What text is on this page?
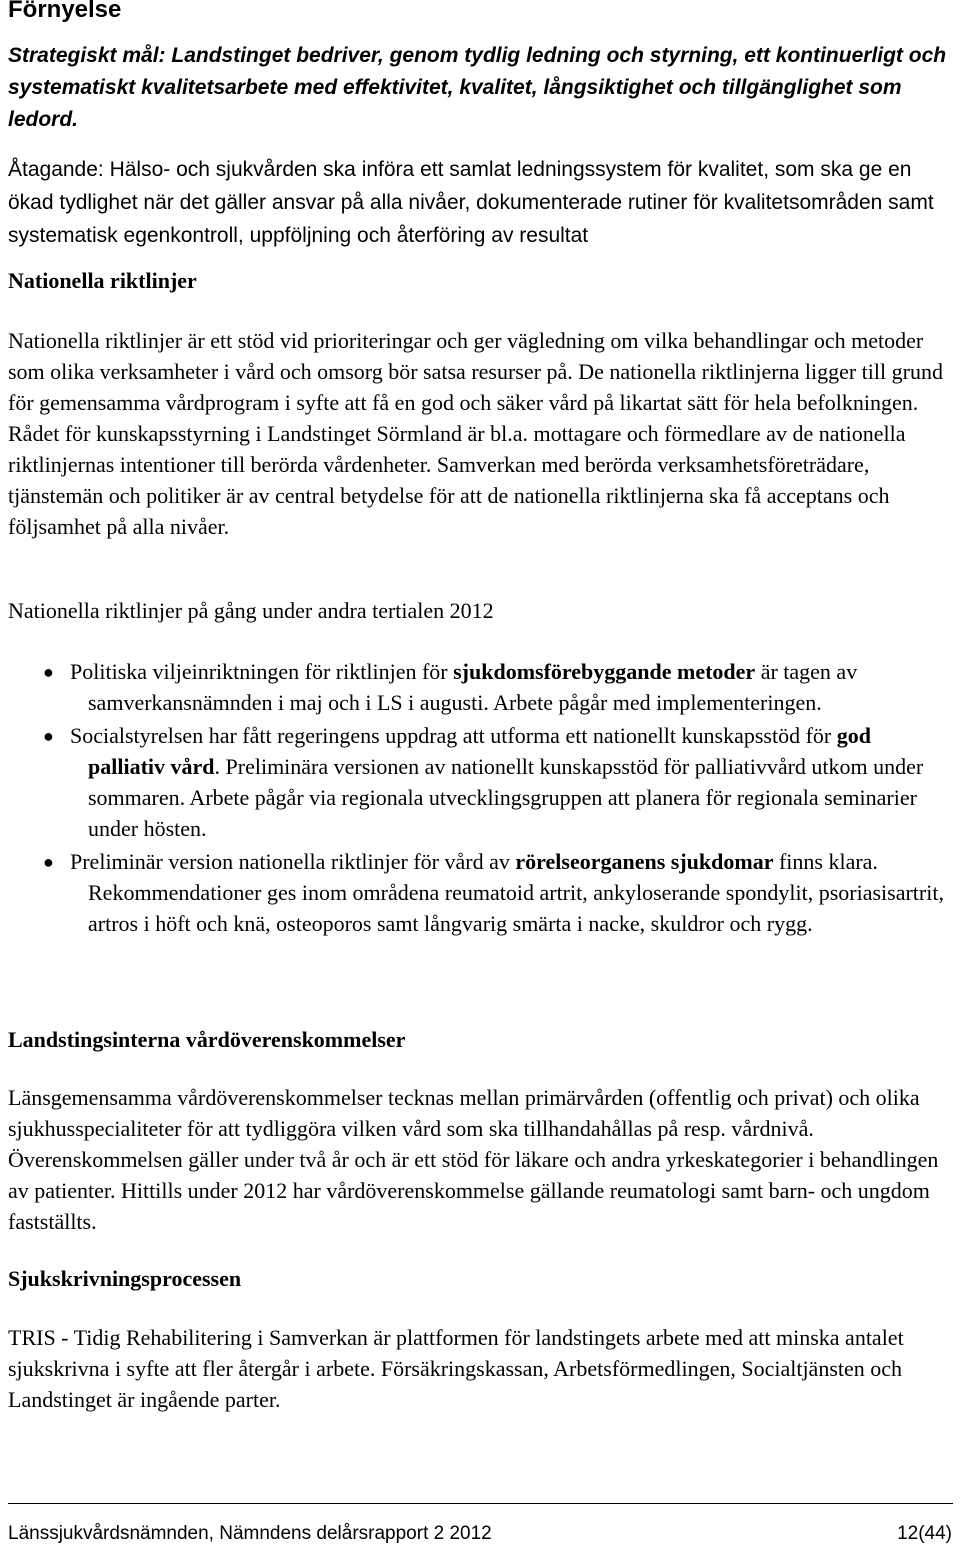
Förnyelse

Strategiskt mål: Landstinget bedriver, genom tydlig ledning och styrning, ett kontinuerligt och systematiskt kvalitetsarbete med effektivitet, kvalitet, långsiktighet och tillgänglighet som ledord.

Åtagande: Hälso- och sjukvården ska införa ett samlat ledningssystem för kvalitet, som ska ge en ökad tydlighet när det gäller ansvar på alla nivåer, dokumenterade rutiner för kvalitetsområden samt systematisk egenkontroll, uppföljning och återföring av resultat

Nationella riktlinjer

Nationella riktlinjer är ett stöd vid prioriteringar och ger vägledning om vilka behandlingar och metoder som olika verksamheter i vård och omsorg bör satsa resurser på. De nationella riktlinjerna ligger till grund för gemensamma vårdprogram i syfte att få en god och säker vård på likartat sätt för hela befolkningen. Rådet för kunskapsstyrning i Landstinget Sörmland är bl.a. mottagare och förmedlare av de nationella riktlinjernas intentioner till berörda vårdenheter. Samverkan med berörda verksamhetsföreträdare, tjänstemän och politiker är av central betydelse för att de nationella riktlinjerna ska få acceptans och följsamhet på alla nivåer.

Nationella riktlinjer på gång under andra tertialen 2012
● Politiska viljeinriktningen för riktlinjen för sjukdomsförebyggande metoder är tagen av samverkansnämnden i maj och i LS i augusti. Arbete pågår med implementeringen.
● Socialstyrelsen har fått regeringens uppdrag att utforma ett nationellt kunskapsstöd för god palliativ vård. Preliminära versionen av nationellt kunskapsstöd för palliativvård utkom under sommaren. Arbete pågår via regionala utvecklingsgruppen att planera för regionala seminarier under hösten.
● Preliminär version nationella riktlinjer för vård av rörelseorganens sjukdomar finns klara. Rekommendationer ges inom områdena reumatoid artrit, ankyloserande spondylit, psoriasisartrit, artros i höft och knä, osteoporos samt långvarig smärta i nacke, skuldror och rygg.
Landstingsinterna vårdöverenskommelser

Länsgemensamma vårdöverenskommelser tecknas mellan primärvården (offentlig och privat) och olika sjukhusspecialiteter för att tydliggöra vilken vård som ska tillhandahållas på resp. vårdnivå. Överenskommelsen gäller under två år och är ett stöd för läkare och andra yrkeskategorier i behandlingen av patienter. Hittills under 2012 har vårdöverenskommelse gällande reumatologi samt barn- och ungdom fastställts.

Sjukskrivningsprocessen

TRIS - Tidig Rehabilitering i Samverkan är plattformen för landstingets arbete med att minska antalet sjukskrivna i syfte att fler återgår i arbete. Försäkringskassan, Arbetsförmedlingen, Socialtjänsten och Landstinget är ingående parter.

Länssjukvårdsnämnden, Nämndens delårsrapport 2 2012	12(44)
